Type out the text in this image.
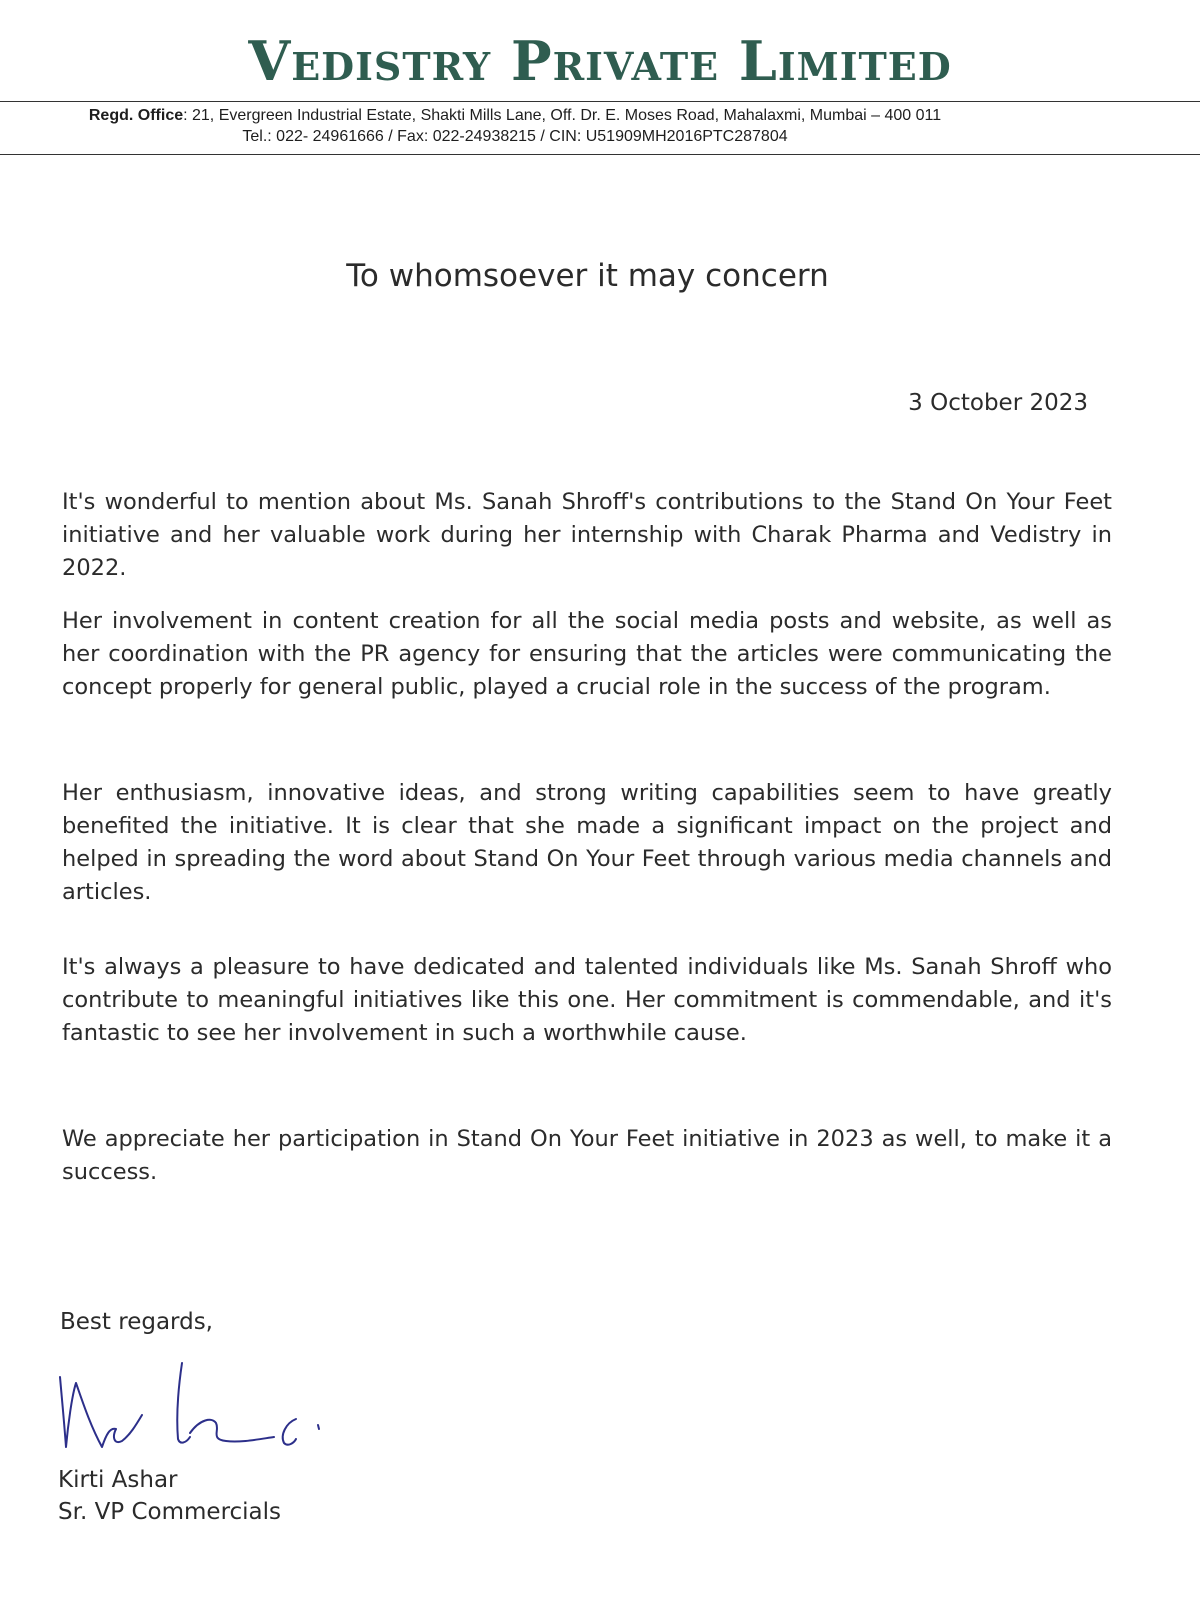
Vedistry Private Limited

Regd. Office: 21, Evergreen Industrial Estate, Shakti Mills Lane, Off. Dr. E. Moses Road, Mahalaxmi, Mumbai – 400 011

Tel.: 022- 24961666 / Fax: 022-24938215 / CIN: U51909MH2016PTC287804

To whomsoever it may concern

3 October 2023

It's wonderful to mention about Ms. Sanah Shroff's contributions to the Stand On Your Feet initiative and her valuable work during her internship with Charak Pharma and Vedistry in 2022.

Her involvement in content creation for all the social media posts and website, as well as her coordination with the PR agency for ensuring that the articles were communicating the concept properly for general public, played a crucial role in the success of the program.

Her enthusiasm, innovative ideas, and strong writing capabilities seem to have greatly benefited the initiative. It is clear that she made a significant impact on the project and helped in spreading the word about Stand On Your Feet through various media channels and articles.

It's always a pleasure to have dedicated and talented individuals like Ms. Sanah Shroff who contribute to meaningful initiatives like this one. Her commitment is commendable, and it's fantastic to see her involvement in such a worthwhile cause.

We appreciate her participation in Stand On Your Feet initiative in 2023 as well, to make it a success.

Best regards,

Kirti Ashar

Sr. VP Commercials
